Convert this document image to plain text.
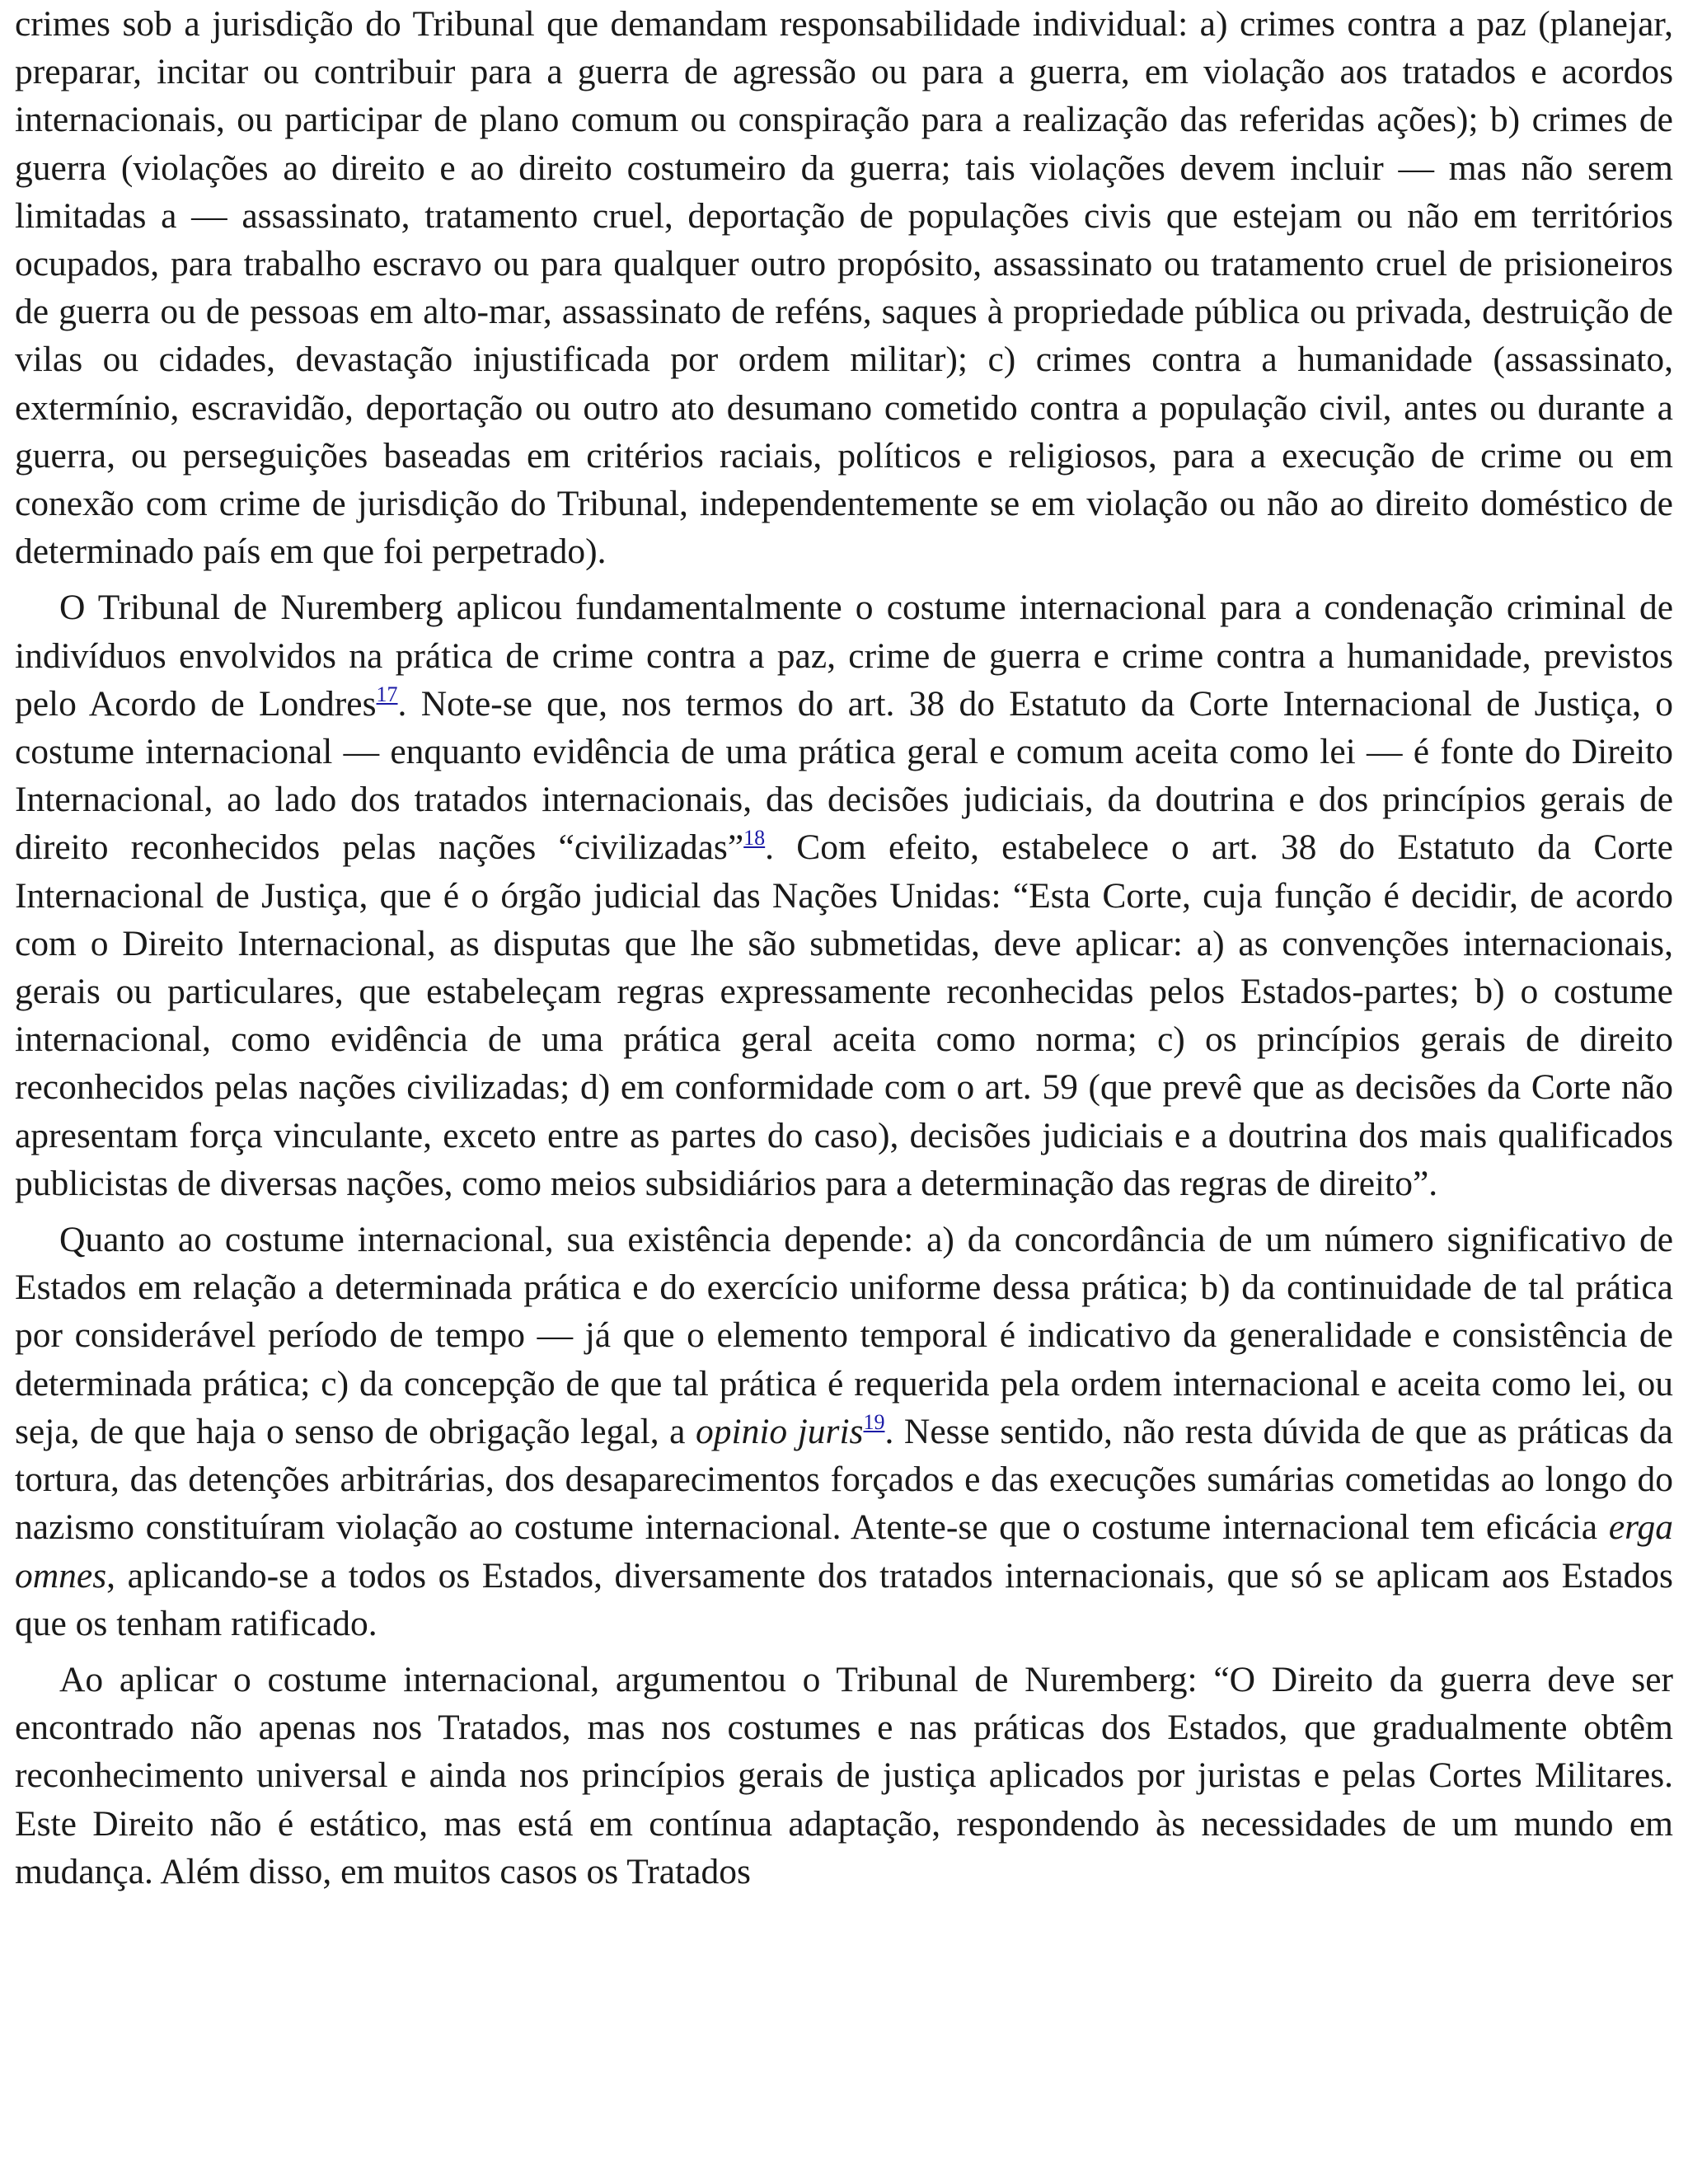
crimes sob a jurisdição do Tribunal que demandam responsabilidade individual: a) crimes contra a paz (planejar, preparar, incitar ou contribuir para a guerra de agressão ou para a guerra, em violação aos tratados e acordos internacionais, ou participar de plano comum ou conspiração para a realização das referidas ações); b) crimes de guerra (violações ao direito e ao direito costumeiro da guerra; tais violações devem incluir — mas não serem limitadas a — assassinato, tratamento cruel, deportação de populações civis que estejam ou não em territórios ocupados, para trabalho escravo ou para qualquer outro propósito, assassinato ou tratamento cruel de prisioneiros de guerra ou de pessoas em alto-mar, assassinato de reféns, saques à propriedade pública ou privada, destruição de vilas ou cidades, devastação injustificada por ordem militar); c) crimes contra a humanidade (assassinato, extermínio, escravidão, deportação ou outro ato desumano cometido contra a população civil, antes ou durante a guerra, ou perseguições baseadas em critérios raciais, políticos e religiosos, para a execução de crime ou em conexão com crime de jurisdição do Tribunal, independentemente se em violação ou não ao direito doméstico de determinado país em que foi perpetrado).

O Tribunal de Nuremberg aplicou fundamentalmente o costume internacional para a condenação criminal de indivíduos envolvidos na prática de crime contra a paz, crime de guerra e crime contra a humanidade, previstos pelo Acordo de Londres$^{17}$. Note-se que, nos termos do art. 38 do Estatuto da Corte Internacional de Justiça, o costume internacional — enquanto evidência de uma prática geral e comum aceita como lei — é fonte do Direito Internacional, ao lado dos tratados internacionais, das decisões judiciais, da doutrina e dos princípios gerais de direito reconhecidos pelas nações “civilizadas”$^{18}$. Com efeito, estabelece o art. 38 do Estatuto da Corte Internacional de Justiça, que é o órgão judicial das Nações Unidas: “Esta Corte, cuja função é decidir, de acordo com o Direito Internacional, as disputas que lhe são submetidas, deve aplicar: a) as convenções internacionais, gerais ou particulares, que estabeleçam regras expressamente reconhecidas pelos Estados-partes; b) o costume internacional, como evidência de uma prática geral aceita como norma; c) os princípios gerais de direito reconhecidos pelas nações civilizadas; d) em conformidade com o art. 59 (que prevê que as decisões da Corte não apresentam força vinculante, exceto entre as partes do caso), decisões judiciais e a doutrina dos mais qualificados publicistas de diversas nações, como meios subsidiários para a determinação das regras de direito”.

Quanto ao costume internacional, sua existência depende: a) da concordância de um número significativo de Estados em relação a determinada prática e do exercício uniforme dessa prática; b) da continuidade de tal prática por considerável período de tempo — já que o elemento temporal é indicativo da generalidade e consistência de determinada prática; c) da concepção de que tal prática é requerida pela ordem internacional e aceita como lei, ou seja, de que haja o senso de obrigação legal, a opinio juris$^{19}$. Nesse sentido, não resta dúvida de que as práticas da tortura, das detenções arbitrárias, dos desaparecimentos forçados e das execuções sumárias cometidas ao longo do nazismo constituíram violação ao costume internacional. Atente-se que o costume internacional tem eficácia erga omnes, aplicando-se a todos os Estados, diversamente dos tratados internacionais, que só se aplicam aos Estados que os tenham ratificado.

Ao aplicar o costume internacional, argumentou o Tribunal de Nuremberg: “O Direito da guerra deve ser encontrado não apenas nos Tratados, mas nos costumes e nas práticas dos Estados, que gradualmente obtêm reconhecimento universal e ainda nos princípios gerais de justiça aplicados por juristas e pelas Cortes Militares. Este Direito não é estático, mas está em contínua adaptação, respondendo às necessidades de um mundo em mudança. Além disso, em muitos casos os Tratados
